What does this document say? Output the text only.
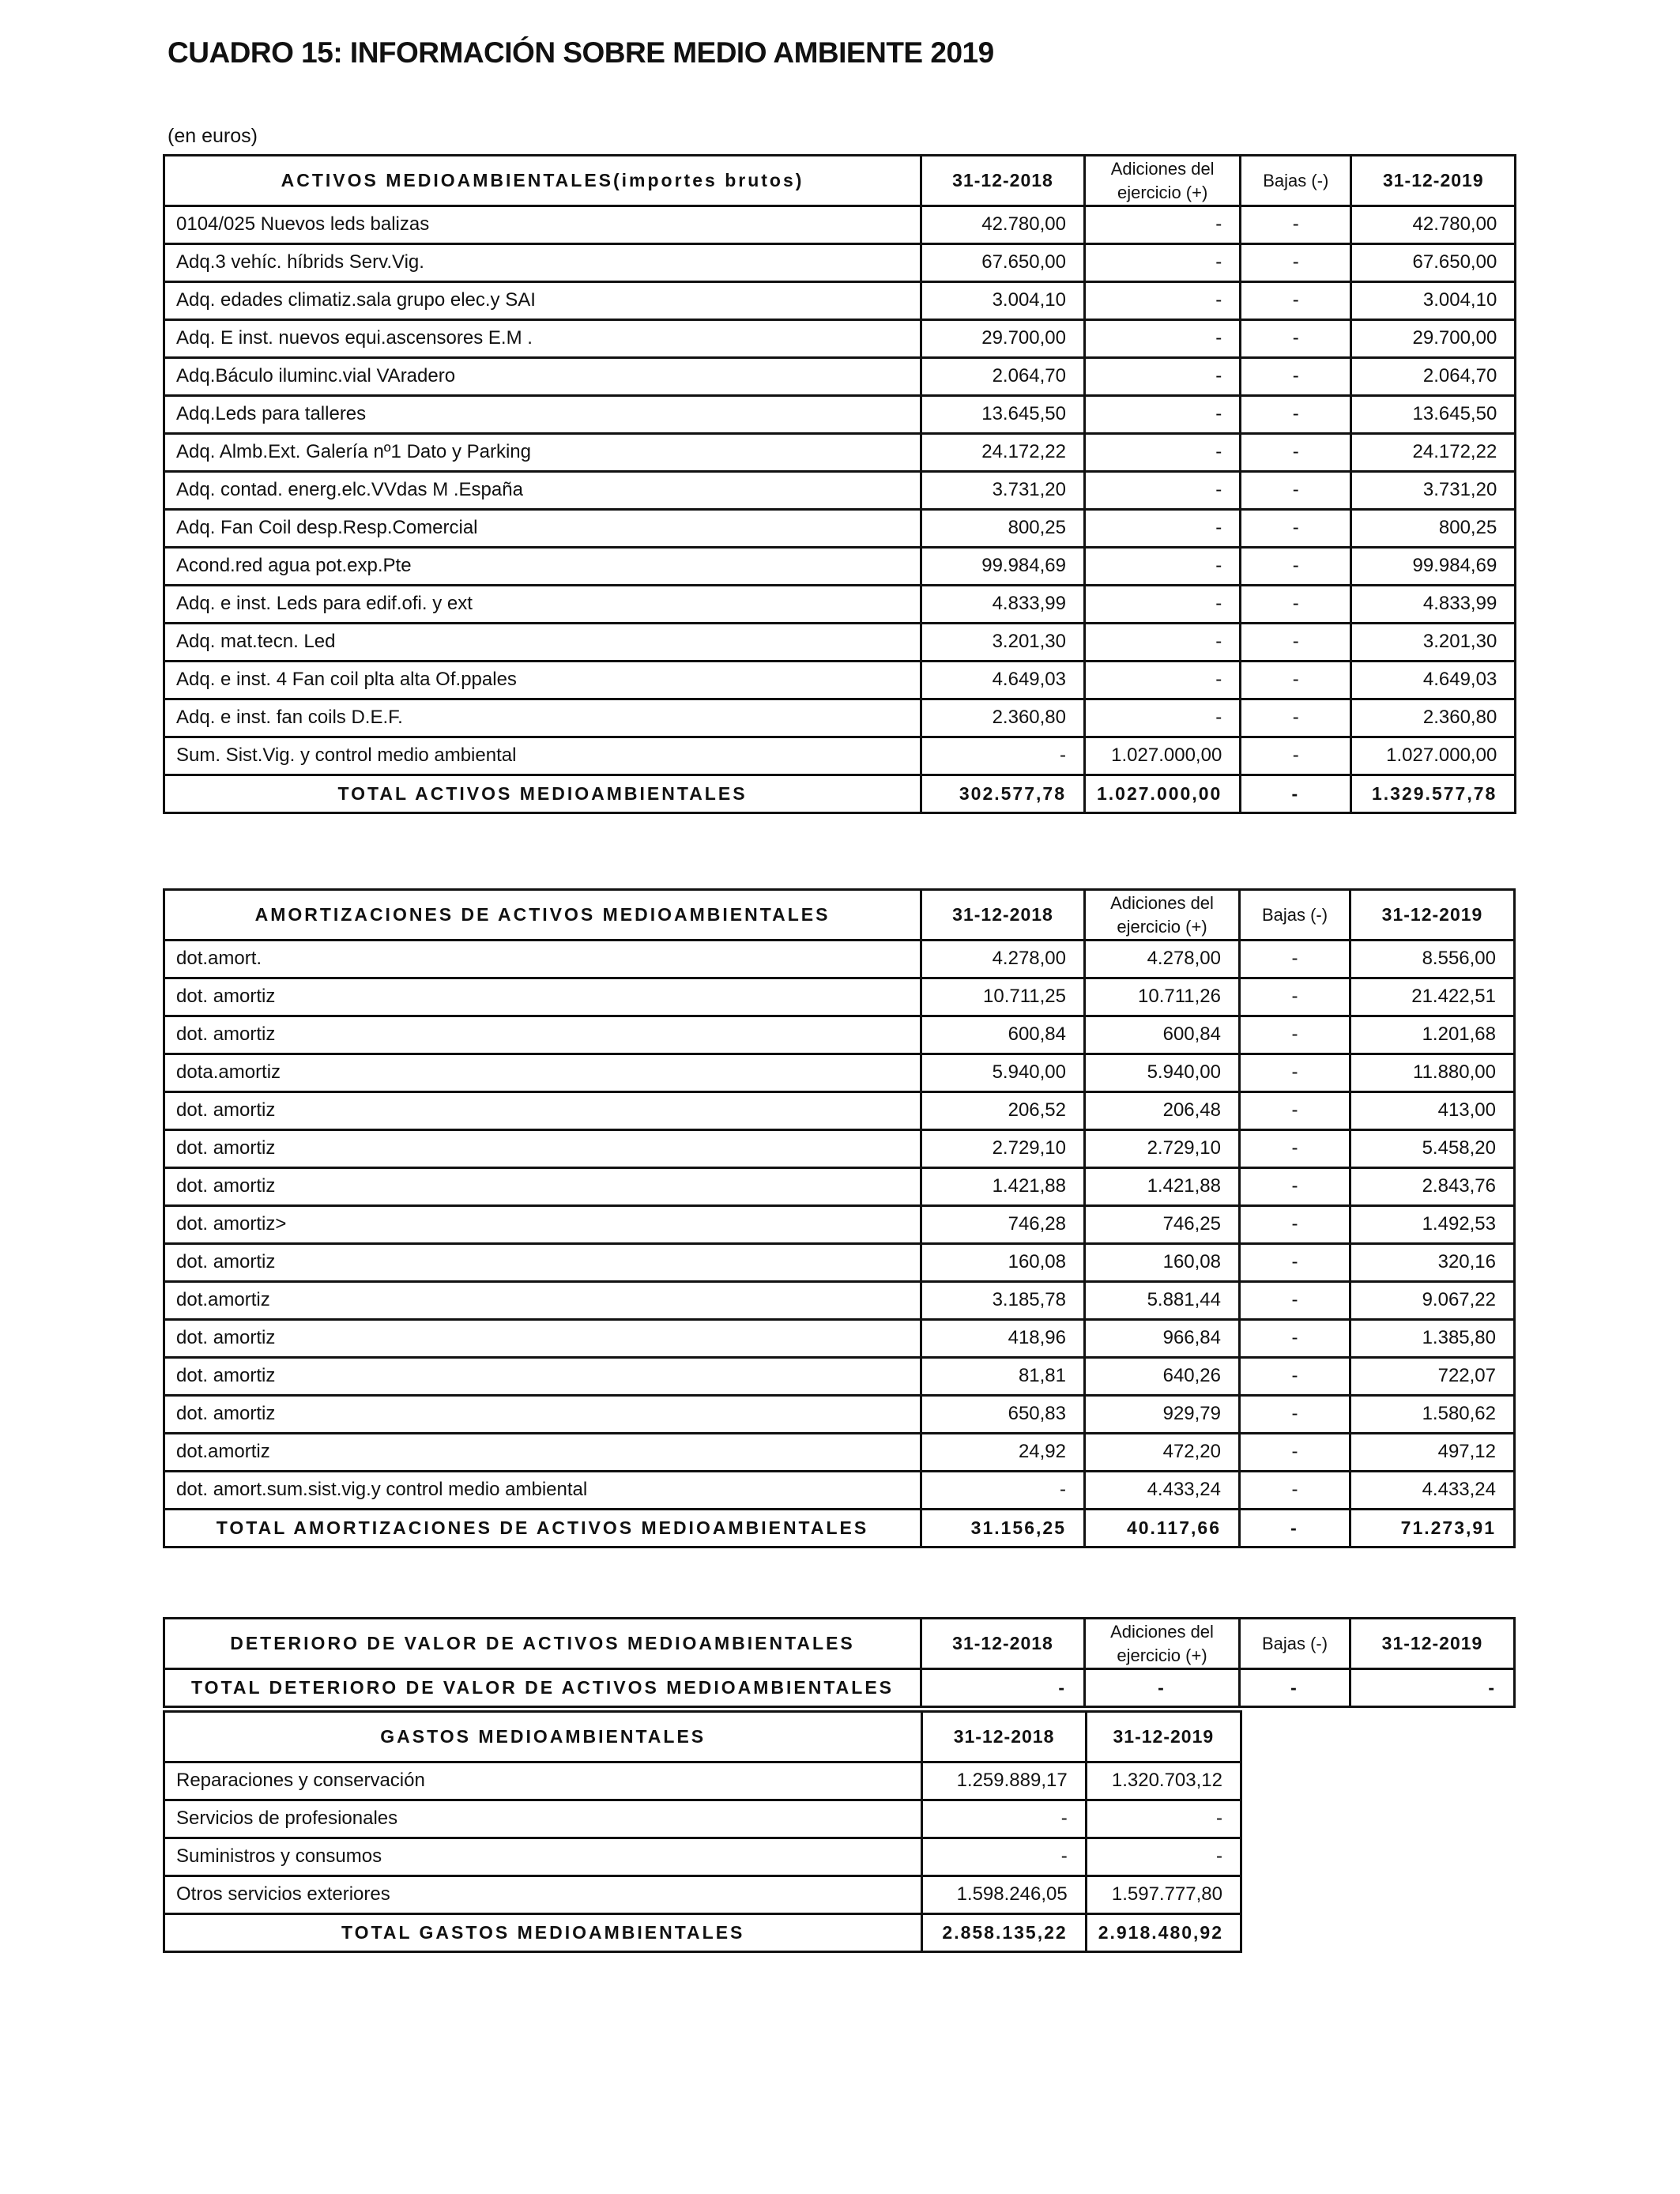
CUADRO 15: INFORMACIÓN SOBRE MEDIO AMBIENTE 2019
(en euros)
ACTIVOS MEDIOAMBIENTALES(importes brutos)	31-12-2018	Adiciones del ejercicio (+)	Bajas (-)	31-12-2019
0104/025 Nuevos leds balizas	42.780,00	-	-	42.780,00
Adq.3 vehíc. híbrids Serv.Vig.	67.650,00	-	-	67.650,00
Adq. edades climatiz.sala grupo elec.y SAI	3.004,10	-	-	3.004,10
Adq. E inst. nuevos equi.ascensores E.M .	29.700,00	-	-	29.700,00
Adq.Báculo iluminc.vial VAradero	2.064,70	-	-	2.064,70
Adq.Leds para talleres	13.645,50	-	-	13.645,50
Adq. Almb.Ext. Galería nº1 Dato y Parking	24.172,22	-	-	24.172,22
Adq. contad. energ.elc.VVdas M .España	3.731,20	-	-	3.731,20
Adq. Fan Coil desp.Resp.Comercial	800,25	-	-	800,25
Acond.red agua pot.exp.Pte	99.984,69	-	-	99.984,69
Adq. e inst. Leds para edif.ofi. y ext	4.833,99	-	-	4.833,99
Adq. mat.tecn. Led	3.201,30	-	-	3.201,30
Adq. e inst. 4 Fan coil plta alta Of.ppales	4.649,03	-	-	4.649,03
Adq. e inst. fan coils D.E.F.	2.360,80	-	-	2.360,80
Sum. Sist.Vig. y control medio ambiental	-	1.027.000,00	-	1.027.000,00
TOTAL ACTIVOS MEDIOAMBIENTALES	302.577,78	1.027.000,00	-	1.329.577,78
AMORTIZACIONES DE ACTIVOS MEDIOAMBIENTALES	31-12-2018	Adiciones del ejercicio (+)	Bajas (-)	31-12-2019
dot.amort.	4.278,00	4.278,00	-	8.556,00
dot. amortiz	10.711,25	10.711,26	-	21.422,51
dot. amortiz	600,84	600,84	-	1.201,68
dota.amortiz	5.940,00	5.940,00	-	11.880,00
dot. amortiz	206,52	206,48	-	413,00
dot. amortiz	2.729,10	2.729,10	-	5.458,20
dot. amortiz	1.421,88	1.421,88	-	2.843,76
dot. amortiz>	746,28	746,25	-	1.492,53
dot. amortiz	160,08	160,08	-	320,16
dot.amortiz	3.185,78	5.881,44	-	9.067,22
dot. amortiz	418,96	966,84	-	1.385,80
dot. amortiz	81,81	640,26	-	722,07
dot. amortiz	650,83	929,79	-	1.580,62
dot.amortiz	24,92	472,20	-	497,12
dot. amort.sum.sist.vig.y control medio ambiental	-	4.433,24	-	4.433,24
TOTAL AMORTIZACIONES DE ACTIVOS MEDIOAMBIENTALES	31.156,25	40.117,66	-	71.273,91
DETERIORO DE VALOR DE ACTIVOS MEDIOAMBIENTALES	31-12-2018	Adiciones del ejercicio (+)	Bajas (-)	31-12-2019
TOTAL DETERIORO DE VALOR DE ACTIVOS MEDIOAMBIENTALES	-	-	-	-
GASTOS MEDIOAMBIENTALES	31-12-2018	31-12-2019
Reparaciones y conservación	1.259.889,17	1.320.703,12
Servicios de profesionales	-	-
Suministros y consumos	-	-
Otros servicios exteriores	1.598.246,05	1.597.777,80
TOTAL GASTOS MEDIOAMBIENTALES	2.858.135,22	2.918.480,92
